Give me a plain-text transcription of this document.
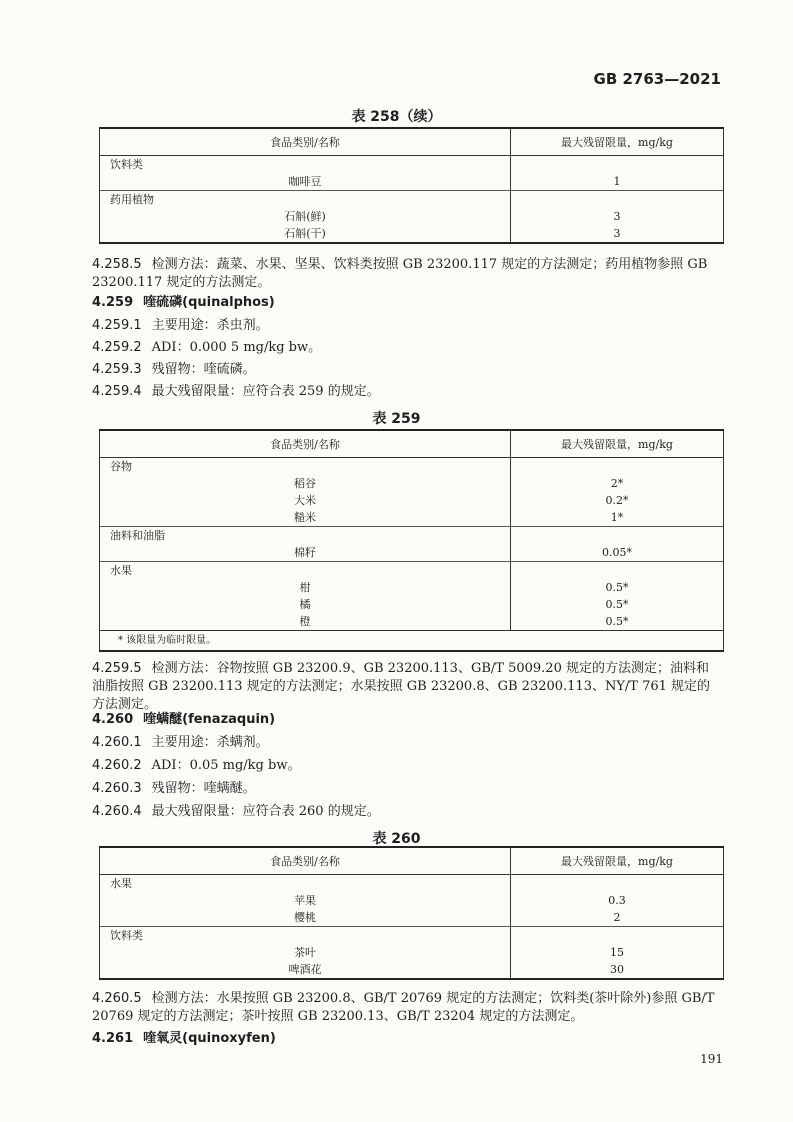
GB 2763—2021
表 258（续）
食品类别/名称	最大残留限量，mg/kg
饮料类	
咖啡豆	1
药用植物	
石斛(鲜)	3
石斛(干)	3
4.258.5 检测方法：蔬菜、水果、坚果、饮料类按照 GB 23200.117 规定的方法测定；药用植物参照 GB 23200.117 规定的方法测定。
4.259 喹硫磷(quinalphos)
4.259.1 主要用途：杀虫剂。
4.259.2 ADI：0.000 5 mg/kg bw。
4.259.3 残留物：喹硫磷。
4.259.4 最大残留限量：应符合表 259 的规定。
表 259
食品类别/名称	最大残留限量，mg/kg
谷物	
稻谷	2*
大米	0.2*
糙米	1*
油料和油脂	
棉籽	0.05*
水果	
柑	0.5*
橘	0.5*
橙	0.5*
* 该限量为临时限量。	
4.259.5 检测方法：谷物按照 GB 23200.9、GB 23200.113、GB/T 5009.20 规定的方法测定；油料和油脂按照 GB 23200.113 规定的方法测定；水果按照 GB 23200.8、GB 23200.113、NY/T 761 规定的方法测定。
4.260 喹螨醚(fenazaquin)
4.260.1 主要用途：杀螨剂。
4.260.2 ADI：0.05 mg/kg bw。
4.260.3 残留物：喹螨醚。
4.260.4 最大残留限量：应符合表 260 的规定。
表 260
食品类别/名称	最大残留限量，mg/kg
水果	
苹果	0.3
樱桃	2
饮料类	
茶叶	15
啤酒花	30
4.260.5 检测方法：水果按照 GB 23200.8、GB/T 20769 规定的方法测定；饮料类(茶叶除外)参照 GB/T 20769 规定的方法测定；茶叶按照 GB 23200.13、GB/T 23204 规定的方法测定。
4.261 喹氧灵(quinoxyfen)
191
